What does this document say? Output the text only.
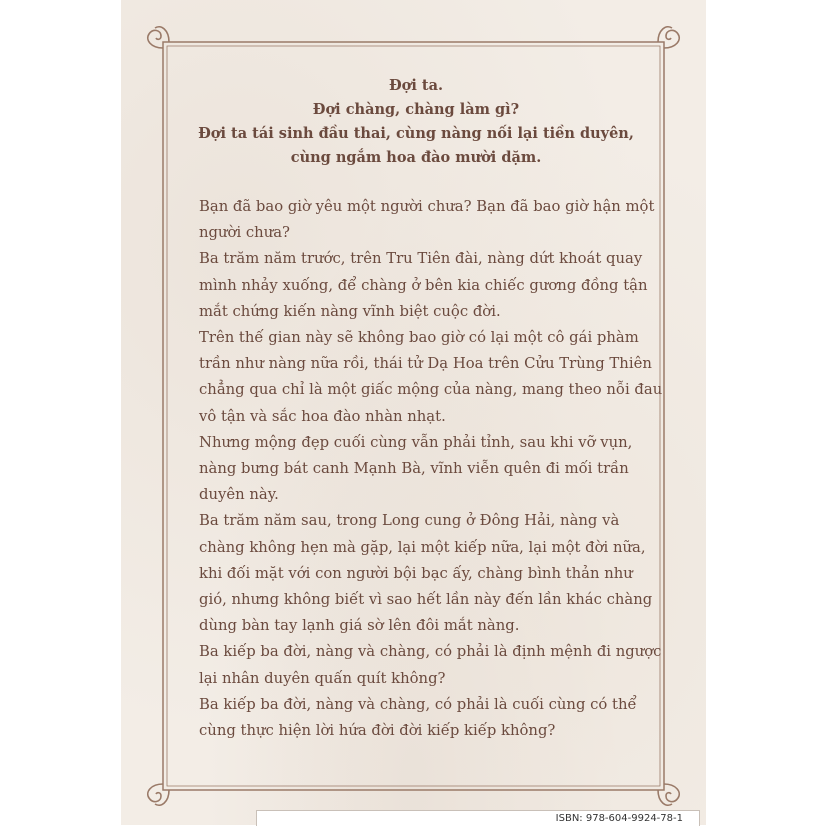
Đợi ta.
Đợi chàng, chàng làm gì?
Đợi ta tái sinh đầu thai, cùng nàng nối lại tiền duyên,
cùng ngắm hoa đào mười dặm.
Bạn đã bao giờ yêu một người chưa? Bạn đã bao giờ hận một
người chưa?
Ba trăm năm trước, trên Tru Tiên đài, nàng dứt khoát quay
mình nhảy xuống, để chàng ở bên kia chiếc gương đồng tận
mắt chứng kiến nàng vĩnh biệt cuộc đời.
Trên thế gian này sẽ không bao giờ có lại một cô gái phàm
trần như nàng nữa rồi, thái tử Dạ Hoa trên Cửu Trùng Thiên
chẳng qua chỉ là một giấc mộng của nàng, mang theo nỗi đau
vô tận và sắc hoa đào nhàn nhạt.
Nhưng mộng đẹp cuối cùng vẫn phải tỉnh, sau khi vỡ vụn,
nàng bưng bát canh Mạnh Bà, vĩnh viễn quên đi mối trần
duyên này.
Ba trăm năm sau, trong Long cung ở Đông Hải, nàng và
chàng không hẹn mà gặp, lại một kiếp nữa, lại một đời nữa,
khi đối mặt với con người bội bạc ấy, chàng bình thản như
gió, nhưng không biết vì sao hết lần này đến lần khác chàng
dùng bàn tay lạnh giá sờ lên đôi mắt nàng.
Ba kiếp ba đời, nàng và chàng, có phải là định mệnh đi ngược
lại nhân duyên quấn quít không?
Ba kiếp ba đời, nàng và chàng, có phải là cuối cùng có thể
cùng thực hiện lời hứa đời đời kiếp kiếp không?
ISBN: 978-604-9924-78-1
